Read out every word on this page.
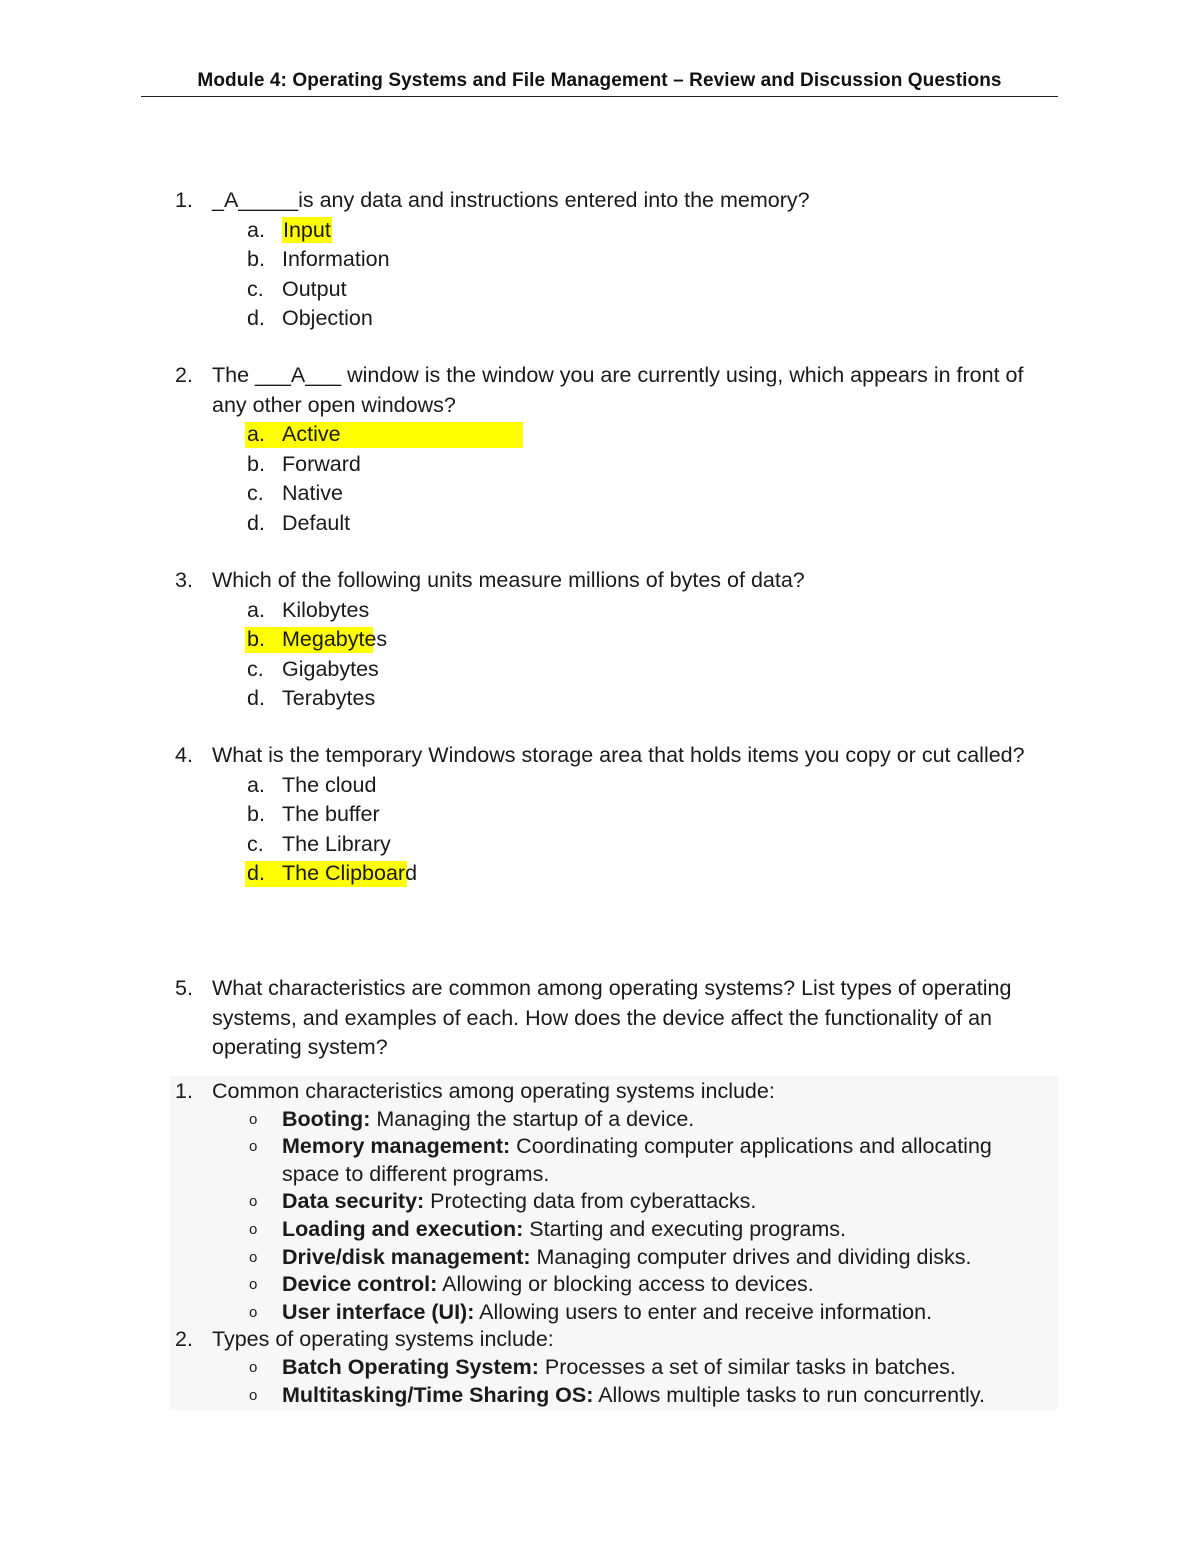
Module 4: Operating Systems and File Management – Review and Discussion Questions
1. _A_____is any data and instructions entered into the memory?
a. Input
b. Information
c. Output
d. Objection
2. The ___A___ window is the window you are currently using, which appears in front of any other open windows?
a. Active
b. Forward
c. Native
d. Default
3. Which of the following units measure millions of bytes of data?
a. Kilobytes
b. Megabytes
c. Gigabytes
d. Terabytes
4. What is the temporary Windows storage area that holds items you copy or cut called?
a. The cloud
b. The buffer
c. The Library
d. The Clipboard
5. What characteristics are common among operating systems? List types of operating systems, and examples of each. How does the device affect the functionality of an operating system?
1. Common characteristics among operating systems include:
o Booting: Managing the startup of a device.
o Memory management: Coordinating computer applications and allocating space to different programs.
o Data security: Protecting data from cyberattacks.
o Loading and execution: Starting and executing programs.
o Drive/disk management: Managing computer drives and dividing disks.
o Device control: Allowing or blocking access to devices.
o User interface (UI): Allowing users to enter and receive information.
2. Types of operating systems include:
o Batch Operating System: Processes a set of similar tasks in batches.
o Multitasking/Time Sharing OS: Allows multiple tasks to run concurrently.
